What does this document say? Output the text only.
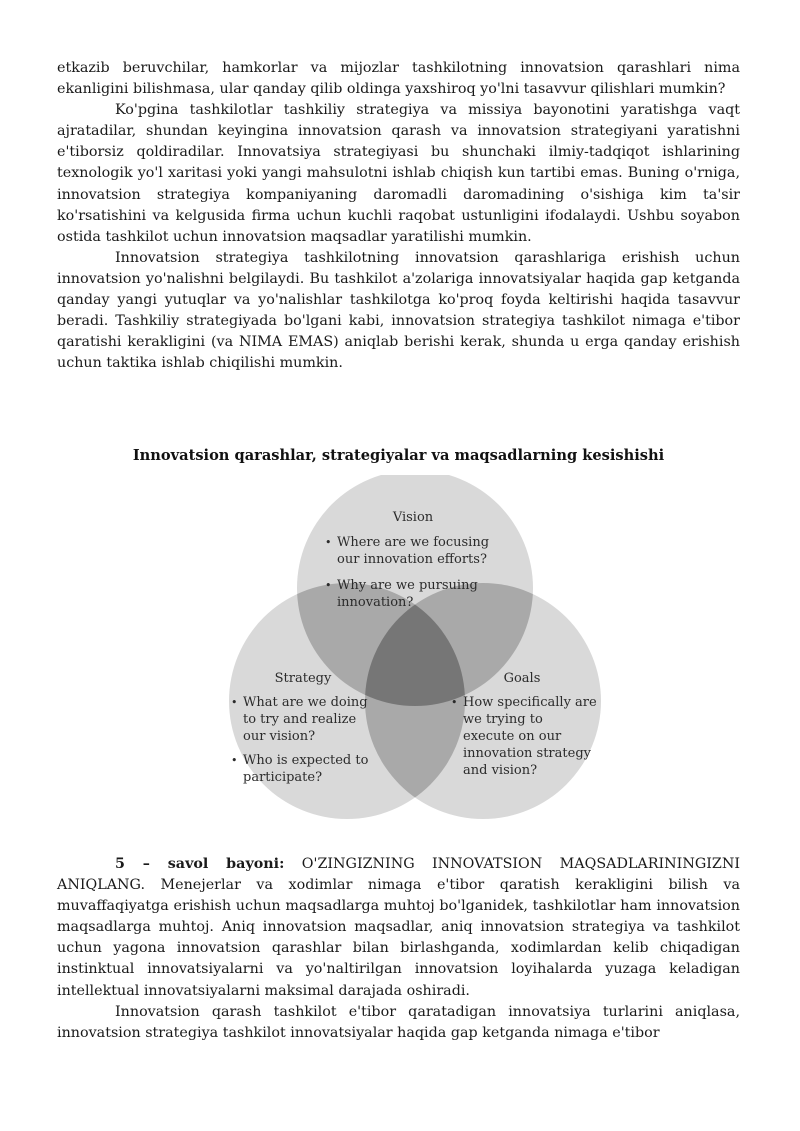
etkazib beruvchilar, hamkorlar va mijozlar tashkilotning innovatsion qarashlari nima ekanligini bilishmasa, ular qanday qilib oldinga yaxshiroq yo'lni tasavvur qilishlari mumkin?

Ko'pgina tashkilotlar tashkiliy strategiya va missiya bayonotini yaratishga vaqt ajratadilar, shundan keyingina innovatsion qarash va innovatsion strategiyani yaratishni e'tiborsiz qoldiradilar. Innovatsiya strategiyasi bu shunchaki ilmiy-tadqiqot ishlarining texnologik yo'l xaritasi yoki yangi mahsulotni ishlab chiqish kun tartibi emas. Buning o'rniga, innovatsion strategiya kompaniyaning daromadli daromadining o'sishiga kim ta'sir ko'rsatishini va kelgusida firma uchun kuchli raqobat ustunligini ifodalaydi. Ushbu soyabon ostida tashkilot uchun innovatsion maqsadlar yaratilishi mumkin.

Innovatsion strategiya tashkilotning innovatsion qarashlariga erishish uchun innovatsion yo'nalishni belgilaydi. Bu tashkilot a'zolariga innovatsiyalar haqida gap ketganda qanday yangi yutuqlar va yo'nalishlar tashkilotga ko'proq foyda keltirishi haqida tasavvur beradi. Tashkiliy strategiyada bo'lgani kabi, innovatsion strategiya tashkilot nimaga e'tibor qaratishi kerakligini (va NIMA EMAS) aniqlab berishi kerak, shunda u erga qanday erishish uchun taktika ishlab chiqilishi mumkin.

Innovatsion qarashlar, strategiyalar va maqsadlarning kesishishi
Vision
• Where are we focusing
our innovation efforts?
• Why are we pursuing
innovation?
Strategy
• What are we doing
to try and realize
our vision?
• Who is expected to
participate?
Goals
• How specifically are
we trying to
execute on our
innovation strategy
and vision?

5 – savol bayoni: O'ZINGIZNING INNOVATSION MAQSADLARININGIZNI ANIQLANG. Menejerlar va xodimlar nimaga e'tibor qaratish kerakligini bilish va muvaffaqiyatga erishish uchun maqsadlarga muhtoj bo'lganidek, tashkilotlar ham innovatsion maqsadlarga muhtoj. Aniq innovatsion maqsadlar, aniq innovatsion strategiya va tashkilot uchun yagona innovatsion qarashlar bilan birlashganda, xodimlardan kelib chiqadigan instinktual innovatsiyalarni va yo'naltirilgan innovatsion loyihalarda yuzaga keladigan intellektual innovatsiyalarni maksimal darajada oshiradi.

Innovatsion qarash tashkilot e'tibor qaratadigan innovatsiya turlarini aniqlasa, innovatsion strategiya tashkilot innovatsiyalar haqida gap ketganda nimaga e'tibor
